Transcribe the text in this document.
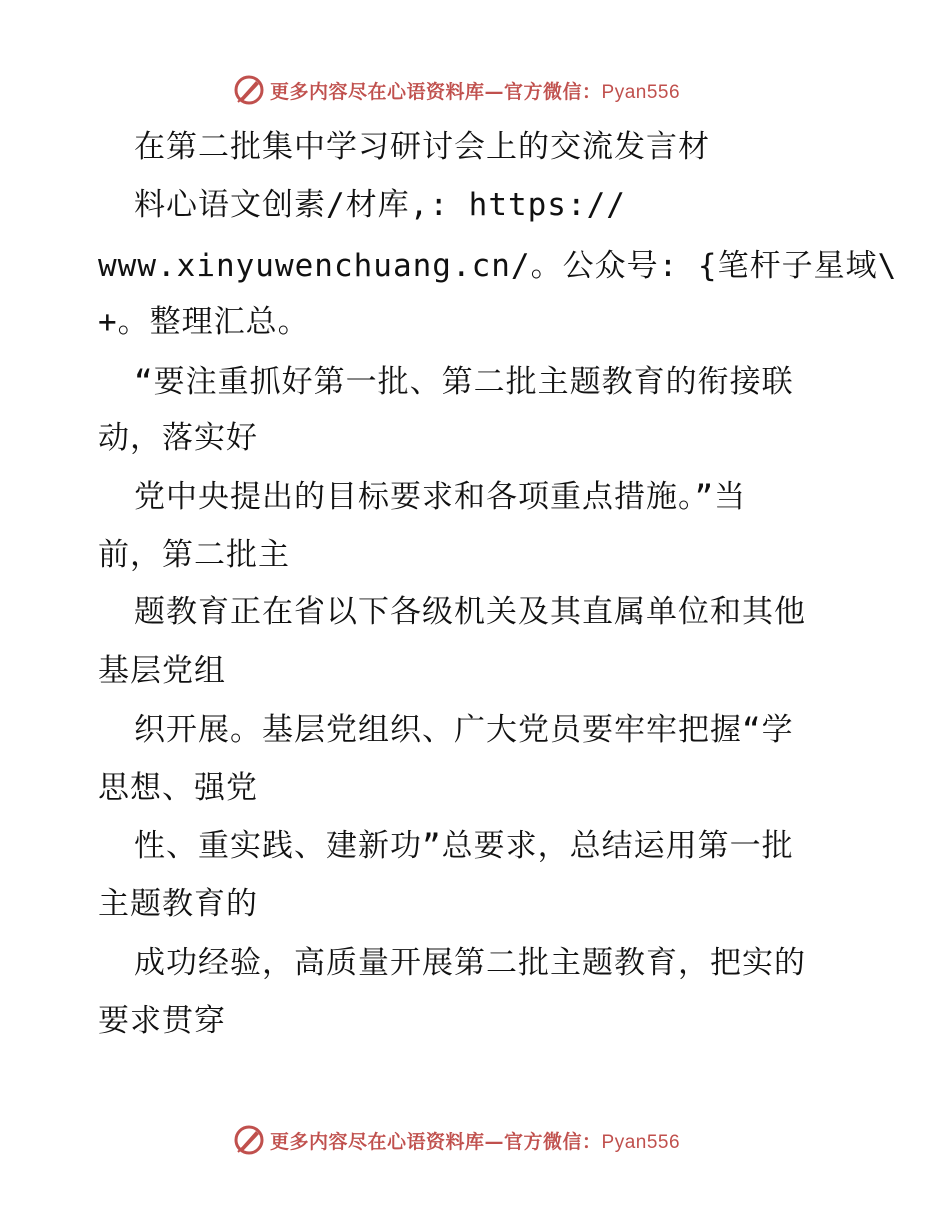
更多内容尽在心语资料库—官方微信：Pyan556
在第二批集中学习研讨会上的交流发言材
料心语文创素/材库,: https://
www.xinyuwenchuang.cn/。公众号: {笔杆子星域\
+。整理汇总。
“要注重抓好第一批、第二批主题教育的衔接联
动，落实好
党中央提出的目标要求和各项重点措施。”当
前，第二批主
题教育正在省以下各级机关及其直属单位和其他
基层党组
织开展。基层党组织、广大党员要牢牢把握“学
思想、强党
性、重实践、建新功”总要求，总结运用第一批
主题教育的
成功经验，高质量开展第二批主题教育，把实的
要求贯穿
更多内容尽在心语资料库—官方微信：Pyan556
